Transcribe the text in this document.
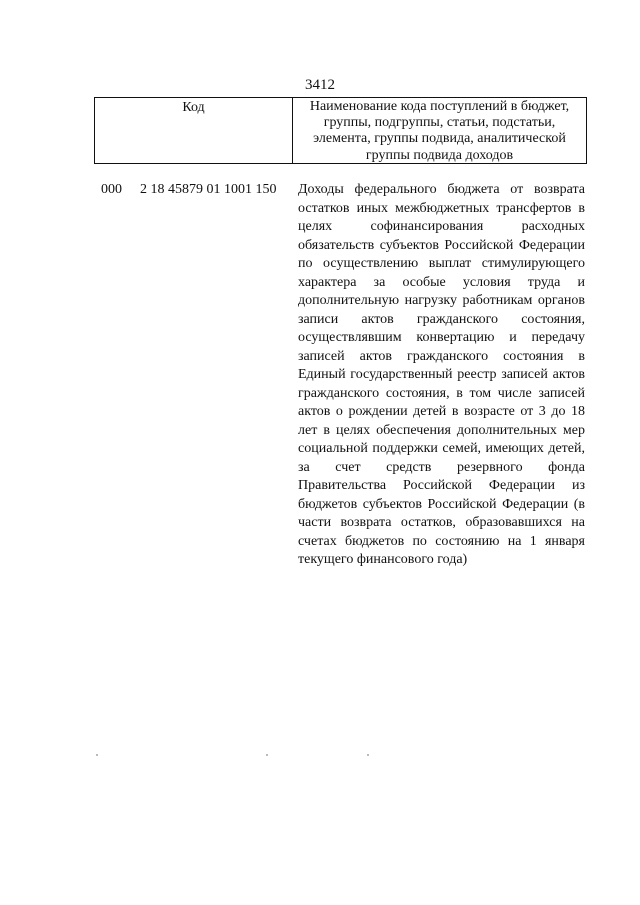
3412
Код	Наименование кода поступлений в бюджет, группы, подгруппы, статьи, подстатьи, элемента, группы подвида, аналитической группы подвида доходов
000 2 18 45879 01 1001 150 Доходы федерального бюджета от возврата остатков иных межбюджетных трансфертов в целях софинансирования расходных обязательств субъектов Российской Федерации по осуществлению выплат стимулирующего характера за особые условия труда и дополнительную нагрузку работникам органов записи актов гражданского состояния, осуществлявшим конвертацию и передачу записей актов гражданского состояния в Единый государственный реестр записей актов гражданского состояния, в том числе записей актов о рождении детей в возрасте от 3 до 18 лет в целях обеспечения дополнительных мер социальной поддержки семей, имеющих детей, за счет средств резервного фонда Правительства Российской Федерации из бюджетов субъектов Российской Федерации (в части возврата остатков, образовавшихся на счетах бюджетов по состоянию на 1 января текущего финансового года)
